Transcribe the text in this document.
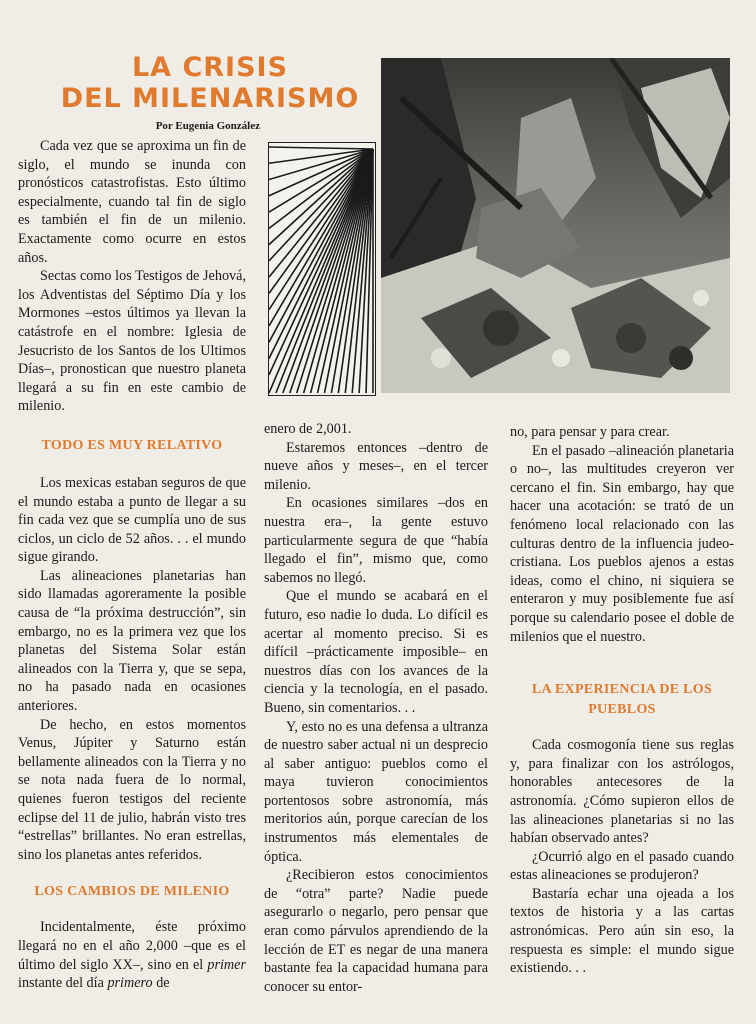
LA CRISIS
DEL MILENARISMO
Por Eugenia González

Cada vez que se aproxima un fin de siglo, el mundo se inunda con pronósticos catastrofistas. Esto último especialmente, cuando tal fin de siglo es también el fin de un milenio. Exactamente como ocurre en estos años.

Sectas como los Testigos de Jehová, los Adventistas del Séptimo Día y los Mormones –estos últimos ya llevan la catástrofe en el nombre: Iglesia de Jesucristo de los Santos de los Ultimos Días–, pronostican que nuestro planeta llegará a su fin en este cambio de milenio.

TODO ES MUY RELATIVO

Los mexicas estaban seguros de que el mundo estaba a punto de llegar a su fin cada vez que se cumplía uno de sus ciclos, un ciclo de 52 años. . . el mundo sigue girando.

Las alineaciones planetarias han sido llamadas agoreramente la posible causa de “la próxima destrucción”, sin embargo, no es la primera vez que los planetas del Sistema Solar están alineados con la Tierra y, que se sepa, no ha pasado nada en ocasiones anteriores.

De hecho, en estos momentos Venus, Júpiter y Saturno están bellamente alineados con la Tierra y no se nota nada fuera de lo normal, quienes fueron testigos del reciente eclipse del 11 de julio, habrán visto tres “estrellas” brillantes. No eran estrellas, sino los planetas antes referidos.

LOS CAMBIOS DE MILENIO

Incidentalmente, éste próximo llegará no en el año 2,000 –que es el último del siglo XX–, sino en el primer instante del día primero de

enero de 2,001.

Estaremos entonces –dentro de nueve años y meses–, en el tercer milenio.

En ocasiones similares –dos en nuestra era–, la gente estuvo particularmente segura de que “había llegado el fin”, mismo que, como sabemos no llegó.

Que el mundo se acabará en el futuro, eso nadie lo duda. Lo difícil es acertar al momento preciso. Si es difícil –prácticamente imposible– en nuestros días con los avances de la ciencia y la tecnología, en el pasado. Bueno, sin comentarios. . .

Y, esto no es una defensa a ultranza de nuestro saber actual ni un desprecio al saber antiguo: pueblos como el maya tuvieron conocimientos portentosos sobre astronomía, más meritorios aún, porque carecían de los instrumentos más elementales de óptica.

¿Recibieron estos conocimientos de “otra” parte? Nadie puede asegurarlo o negarlo, pero pensar que eran como párvulos aprendiendo de la lección de ET es negar de una manera bastante fea la capacidad humana para conocer su entor-

no, para pensar y para crear.

En el pasado –alineación planetaria o no–, las multitudes creyeron ver cercano el fin. Sin embargo, hay que hacer una acotación: se trató de un fenómeno local relacionado con las culturas dentro de la influencia judeo-cristiana. Los pueblos ajenos a estas ideas, como el chino, ni siquiera se enteraron y muy posiblemente fue así porque su calendario posee el doble de milenios que el nuestro.

LA EXPERIENCIA DE LOS
PUEBLOS

Cada cosmogonía tiene sus reglas y, para finalizar con los astrólogos, honorables antecesores de la astronomía. ¿Cómo supieron ellos de las alineaciones planetarias si no las habían observado antes?

¿Ocurrió algo en el pasado cuando estas alineaciones se produjeron?

Bastaría echar una ojeada a los textos de historia y a las cartas astronómicas. Pero aún sin eso, la respuesta es simple: el mundo sigue existiendo. . .
